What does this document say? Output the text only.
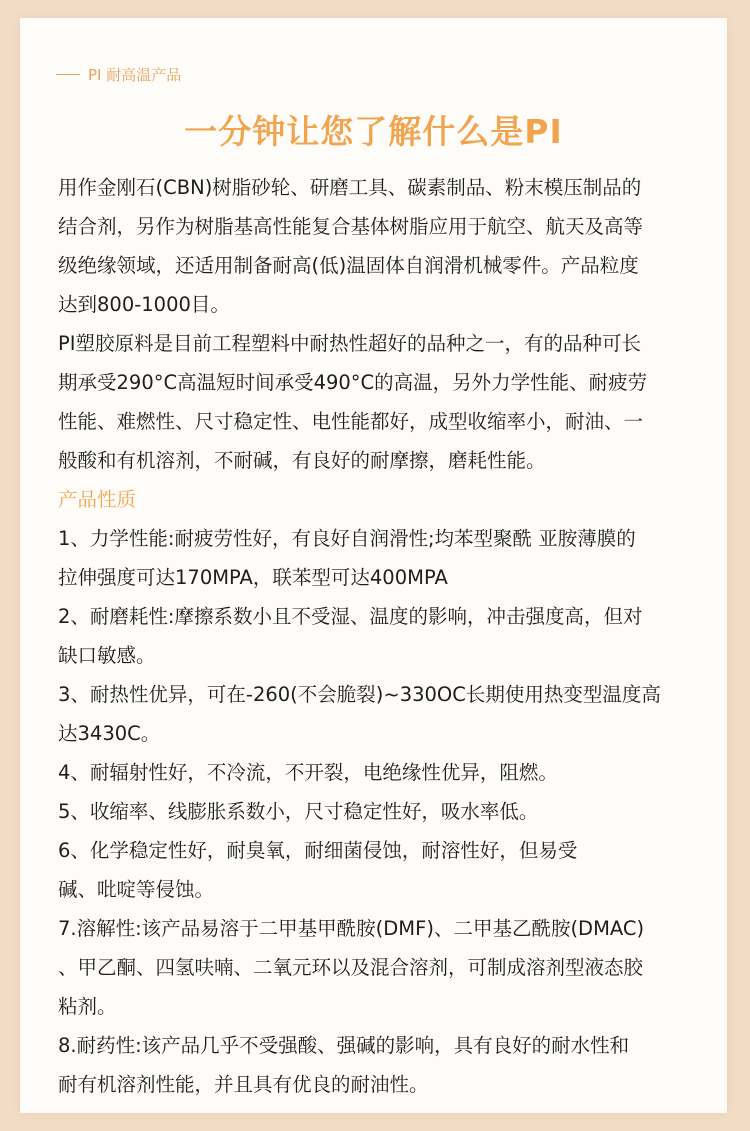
PI 耐高温产品
一分钟让您了解什么是PI

用作金刚石(CBN)树脂砂轮、研磨工具、碳素制品、粉末模压制品的

结合剂，另作为树脂基高性能复合基体树脂应用于航空、航天及高等

级绝缘领域，还适用制备耐高(低)温固体自润滑机械零件。产品粒度

达到800-1000目。

PI塑胶原料是目前工程塑料中耐热性超好的品种之一，有的品种可长

期承受290°C高温短时间承受490°C的高温，另外力学性能、耐疲劳

性能、难燃性、尺寸稳定性、电性能都好，成型收缩率小，耐油、一

般酸和有机溶剂，不耐碱，有良好的耐摩擦，磨耗性能。

产品性质

1、力学性能:耐疲劳性好，有良好自润滑性;均苯型聚酰 亚胺薄膜的

拉伸强度可达170MPA，联苯型可达400MPA

2、耐磨耗性:摩擦系数小且不受湿、温度的影响，冲击强度高，但对

缺口敏感。

3、耐热性优异，可在-260(不会脆裂)~330OC长期使用热变型温度高

达3430C。

4、耐辐射性好，不冷流，不开裂，电绝缘性优异，阻燃。

5、收缩率、线膨胀系数小，尺寸稳定性好，吸水率低。

6、化学稳定性好，耐臭氧，耐细菌侵蚀，耐溶性好，但易受

碱、吡啶等侵蚀。

7.溶解性:该产品易溶于二甲基甲酰胺(DMF)、二甲基乙酰胺(DMAC)

、甲乙酮、四氢呋喃、二氧元环以及混合溶剂，可制成溶剂型液态胶

粘剂。

8.耐药性:该产品几乎不受强酸、强碱的影响，具有良好的耐水性和

耐有机溶剂性能，并且具有优良的耐油性。
